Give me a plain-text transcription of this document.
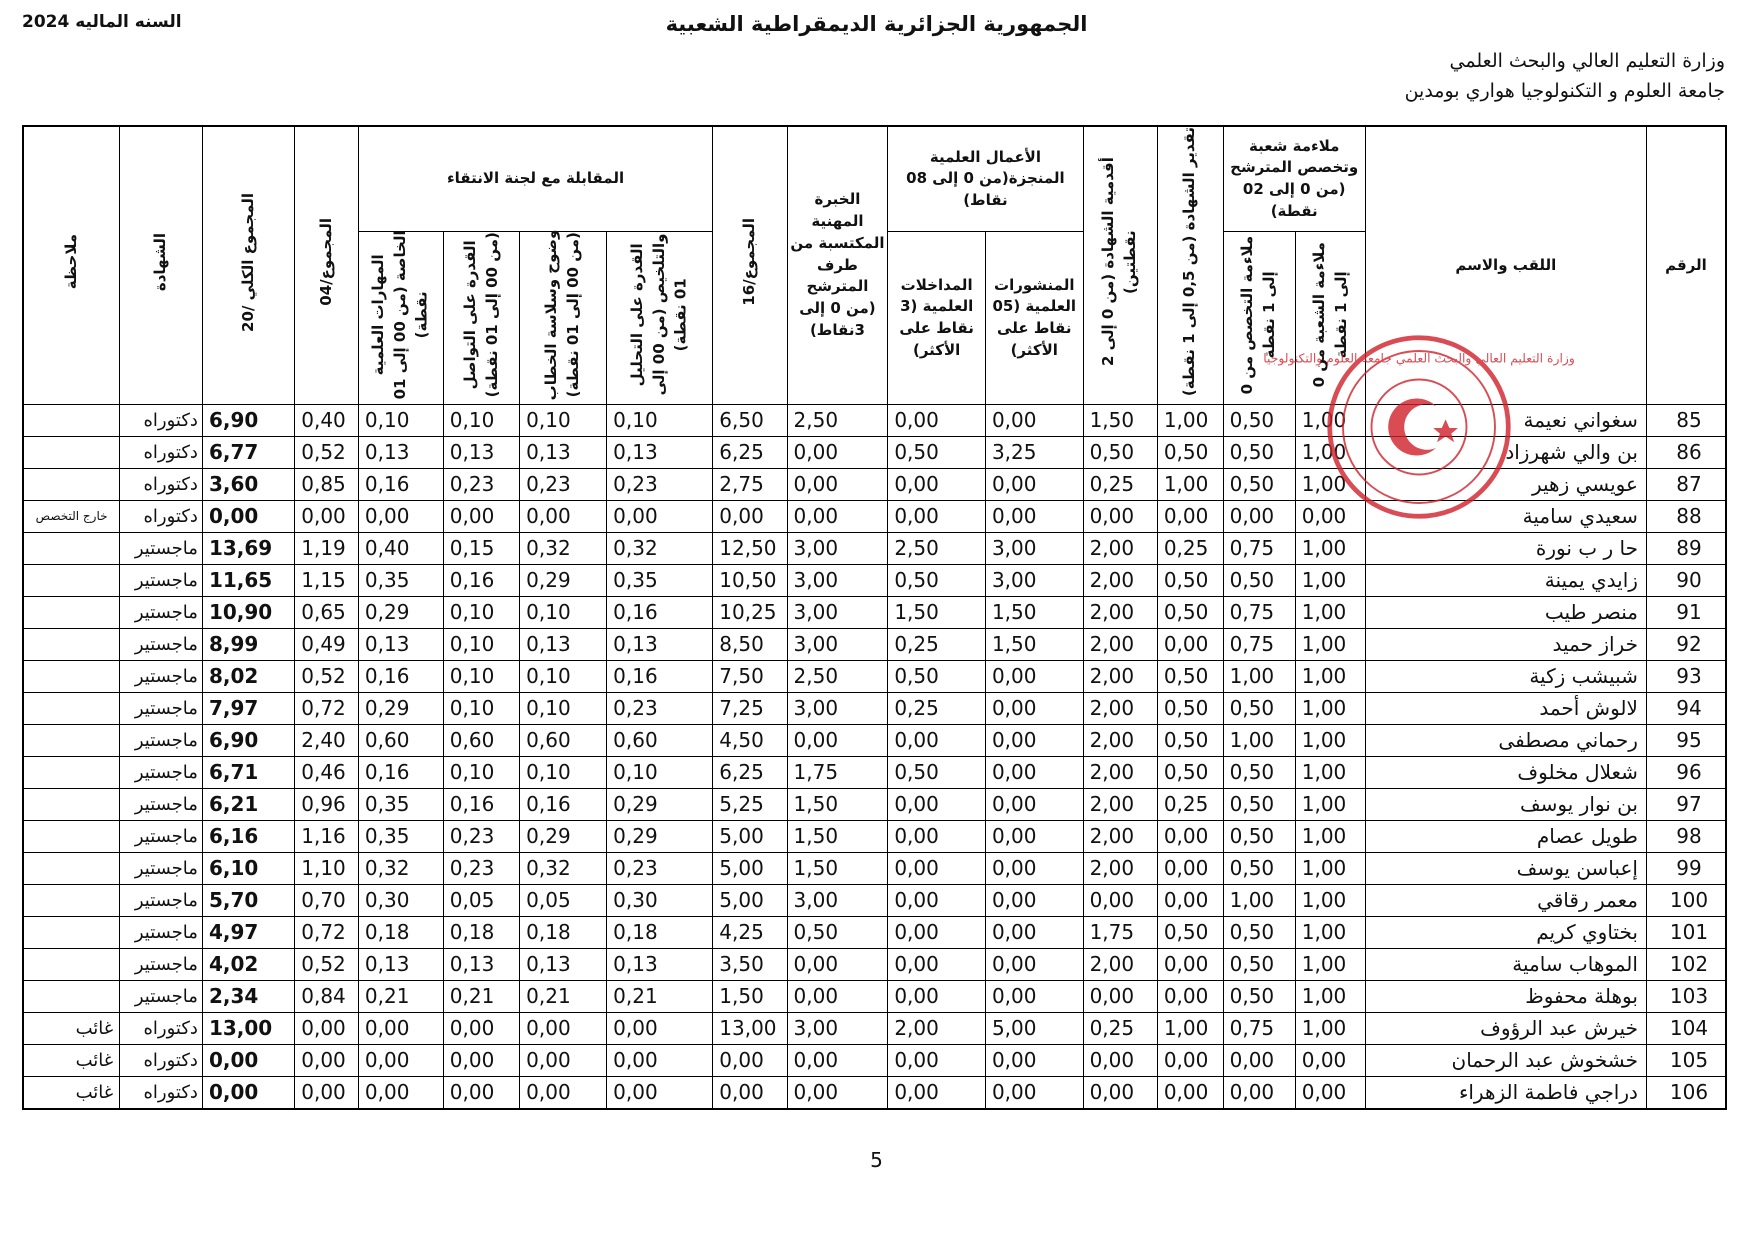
السنه الماليه 2024	الجمهورية الجزائرية الديمقراطية الشعبية
وزارة التعليم العالي والبحث العلمي
جامعة العلوم و التكنولوجيا هواري بومدين
الرقم	اللقب والاسم	ملاءمة شعبة وتخصص المترشح (من 0 إلى 02 نقطة)		تقدير الشهادة (من 0,5 إلى 1 نقطة)	أقدمية الشهادة (من 0 إلى 2 نقطتين)	الأعمال العلمية المنجزة(من 0 إلى 08 نقاط)		الخبرة المهنية المكتسبة من طرف المترشح (من 0 إلى 3نقاط)	المجموع/16	المقابلة مع لجنة الانتقاء				المجموع/04	المجموع الكلي /20	الشهادة	ملاحظة
		ملاءمة الشعبة من 0 إلى 1 نقطة	ملاءمة التخصص من 0 إلى 1 نقطة			المنشورات العلمية (05 نقاط على الأكثر)	المداخلات العلمية (3 نقاط على الأكثر)			القدرة على التحليل والتلخيص (من 00 إلى 01 نقطة)	وضوح وسلاسة الخطاب (من 00 إلى 01 نقطة)	القدرة على التواصل (من 00 إلى 01 نقطة)	المهارات العلمية الخاصة (من 00 إلى 01 نقطة)				
85	سغواني نعيمة	1,00	0,50	1,00	1,50	0,00	0,00	2,50	6,50	0,10	0,10	0,10	0,10	0,40	6,90	دكتوراه	
86	بن والي شهرزاد	1,00	0,50	0,50	0,50	3,25	0,50	0,00	6,25	0,13	0,13	0,13	0,13	0,52	6,77	دكتوراه	
87	عويسي زهير	1,00	0,50	1,00	0,25	0,00	0,00	0,00	2,75	0,23	0,23	0,23	0,16	0,85	3,60	دكتوراه	
88	سعيدي سامية	0,00	0,00	0,00	0,00	0,00	0,00	0,00	0,00	0,00	0,00	0,00	0,00	0,00	0,00	دكتوراه	خارج التخصص
89	حا ر ب نورة	1,00	0,75	0,25	2,00	3,00	2,50	3,00	12,50	0,32	0,32	0,15	0,40	1,19	13,69	ماجستير	
90	زايدي يمينة	1,00	0,50	0,50	2,00	3,00	0,50	3,00	10,50	0,35	0,29	0,16	0,35	1,15	11,65	ماجستير	
91	منصر طيب	1,00	0,75	0,50	2,00	1,50	1,50	3,00	10,25	0,16	0,10	0,10	0,29	0,65	10,90	ماجستير	
92	خراز حميد	1,00	0,75	0,00	2,00	1,50	0,25	3,00	8,50	0,13	0,13	0,10	0,13	0,49	8,99	ماجستير	
93	شبيشب زكية	1,00	1,00	0,50	2,00	0,00	0,50	2,50	7,50	0,16	0,10	0,10	0,16	0,52	8,02	ماجستير	
94	لالوش أحمد	1,00	0,50	0,50	2,00	0,00	0,25	3,00	7,25	0,23	0,10	0,10	0,29	0,72	7,97	ماجستير	
95	رحماني مصطفى	1,00	1,00	0,50	2,00	0,00	0,00	0,00	4,50	0,60	0,60	0,60	0,60	2,40	6,90	ماجستير	
96	شعلال مخلوف	1,00	0,50	0,50	2,00	0,00	0,50	1,75	6,25	0,10	0,10	0,10	0,16	0,46	6,71	ماجستير	
97	بن نوار يوسف	1,00	0,50	0,25	2,00	0,00	0,00	1,50	5,25	0,29	0,16	0,16	0,35	0,96	6,21	ماجستير	
98	طويل عصام	1,00	0,50	0,00	2,00	0,00	0,00	1,50	5,00	0,29	0,29	0,23	0,35	1,16	6,16	ماجستير	
99	إعباسن يوسف	1,00	0,50	0,00	2,00	0,00	0,00	1,50	5,00	0,23	0,32	0,23	0,32	1,10	6,10	ماجستير	
100	معمر رقاقي	1,00	1,00	0,00	0,00	0,00	0,00	3,00	5,00	0,30	0,05	0,05	0,30	0,70	5,70	ماجستير	
101	بختاوي كريم	1,00	0,50	0,50	1,75	0,00	0,00	0,50	4,25	0,18	0,18	0,18	0,18	0,72	4,97	ماجستير	
102	الموهاب سامية	1,00	0,50	0,00	2,00	0,00	0,00	0,00	3,50	0,13	0,13	0,13	0,13	0,52	4,02	ماجستير	
103	بوهلة محفوظ	1,00	0,50	0,00	0,00	0,00	0,00	0,00	1,50	0,21	0,21	0,21	0,21	0,84	2,34	ماجستير	
104	خيرش عبد الرؤوف	1,00	0,75	1,00	0,25	5,00	2,00	3,00	13,00	0,00	0,00	0,00	0,00	0,00	13,00	دكتوراه	غائب
105	خشخوش عبد الرحمان	0,00	0,00	0,00	0,00	0,00	0,00	0,00	0,00	0,00	0,00	0,00	0,00	0,00	0,00	دكتوراه	غائب
106	دراجي فاطمة الزهراء	0,00	0,00	0,00	0,00	0,00	0,00	0,00	0,00	0,00	0,00	0,00	0,00	0,00	0,00	دكتوراه	غائب
وزارة التعليم العالي والبحث العلمي جامعة العلوم والتكنولوجيا
5
